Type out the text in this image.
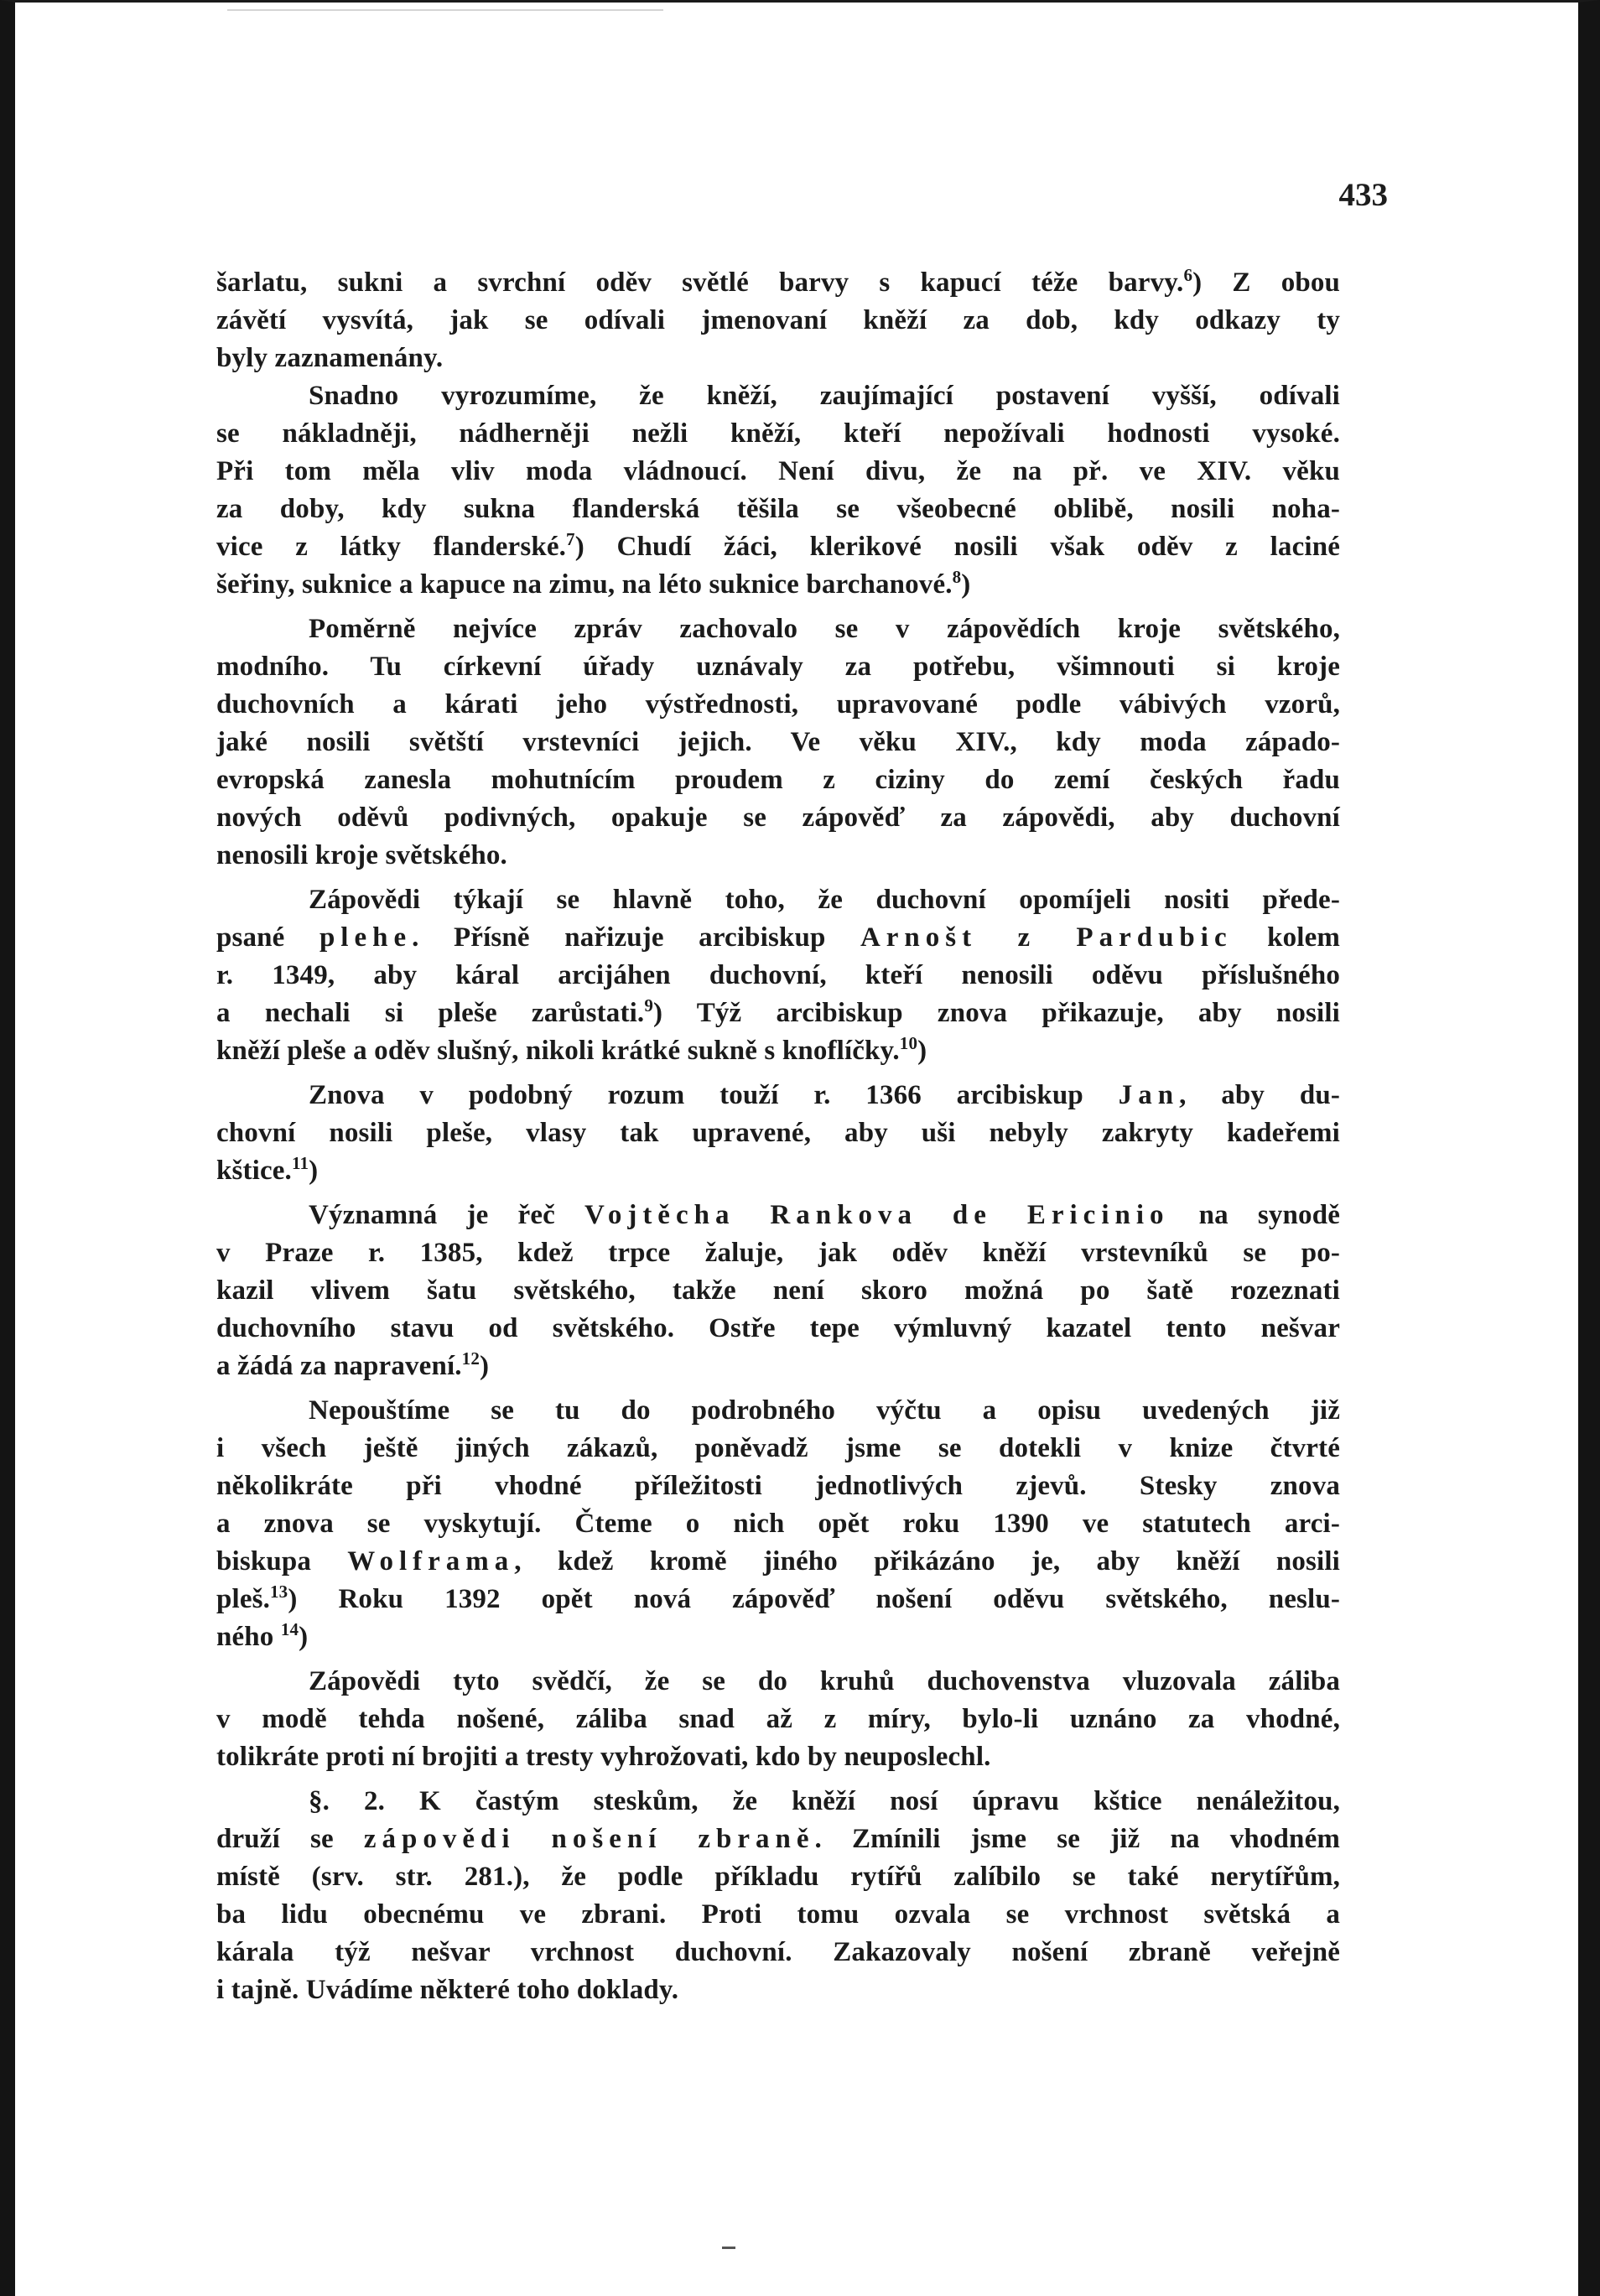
433
šarlatu, sukni a svrchní oděv světlé barvy s kapucí téže barvy.$^6$) Z obou
závětí vysvítá, jak se odívali jmenovaní kněží za dob, kdy odkazy ty
byly zaznamenány.
Snadno vyrozumíme, že kněží, zaujímající postavení vyšší, odívali
se nákladněji, nádherněji nežli kněží, kteří nepožívali hodnosti vysoké.
Při tom měla vliv moda vládnoucí. Není divu, že na př. ve XIV. věku
za doby, kdy sukna flanderská těšila se všeobecné oblibě, nosili noha-
vice z látky flanderské.$^7$) Chudí žáci, klerikové nosili však oděv z laciné
šeřiny, suknice a kapuce na zimu, na léto suknice barchanové.$^8$)
Poměrně nejvíce zpráv zachovalo se v zápovědích kroje světského,
modního. Tu církevní úřady uznávaly za potřebu, všimnouti si kroje
duchovních a kárati jeho výstřednosti, upravované podle vábivých vzorů,
jaké nosili světští vrstevníci jejich. Ve věku XIV., kdy moda západo-
evropská zanesla mohutnícím proudem z ciziny do zemí českých řadu
nových oděvů podivných, opakuje se zápověď za zápovědi, aby duchovní
nenosili kroje světského.
Zápovědi týkají se hlavně toho, že duchovní opomíjeli nositi přede-
psané plehe. Přísně nařizuje arcibiskup Arnošt z Pardubic kolem
r. 1349, aby káral arcijáhen duchovní, kteří nenosili oděvu příslušného
a nechali si pleše zarůstati.$^9$) Týž arcibiskup znova přikazuje, aby nosili
kněží pleše a oděv slušný, nikoli krátké sukně s knoflíčky.$^{10}$)
Znova v podobný rozum touží r. 1366 arcibiskup Jan, aby du-
chovní nosili pleše, vlasy tak upravené, aby uši nebyly zakryty kadeřemi
kštice.$^{11}$)
Významná je řeč Vojtěcha Rankova de Ericinio na synodě
v Praze r. 1385, kdež trpce žaluje, jak oděv kněží vrstevníků se po-
kazil vlivem šatu světského, takže není skoro možná po šatě rozeznati
duchovního stavu od světského. Ostře tepe výmluvný kazatel tento nešvar
a žádá za napravení.$^{12}$)
Nepouštíme se tu do podrobného výčtu a opisu uvedených již
i všech ještě jiných zákazů, poněvadž jsme se dotekli v knize čtvrté
několikráte při vhodné příležitosti jednotlivých zjevů. Stesky znova
a znova se vyskytují. Čteme o nich opět roku 1390 ve statutech arci-
biskupa Wolframa, kdež kromě jiného přikázáno je, aby kněží nosili
pleš.$^{13}$) Roku 1392 opět nová zápověď nošení oděvu světského, neslu-
ného $^{14}$)
Zápovědi tyto svědčí, že se do kruhů duchovenstva vluzovala záliba
v modě tehda nošené, záliba snad až z míry, bylo-li uznáno za vhodné,
tolikráte proti ní brojiti a tresty vyhrožovati, kdo by neuposlechl.
§. 2. K častým steskům, že kněží nosí úpravu kštice nenáležitou,
druží se zápovědi nošení zbraně. Zmínili jsme se již na vhodném
místě (srv. str. 281.), že podle příkladu rytířů zalíbilo se také nerytířům,
ba lidu obecnému ve zbrani. Proti tomu ozvala se vrchnost světská a
kárala týž nešvar vrchnost duchovní. Zakazovaly nošení zbraně veřejně
i tajně. Uvádíme některé toho doklady.
